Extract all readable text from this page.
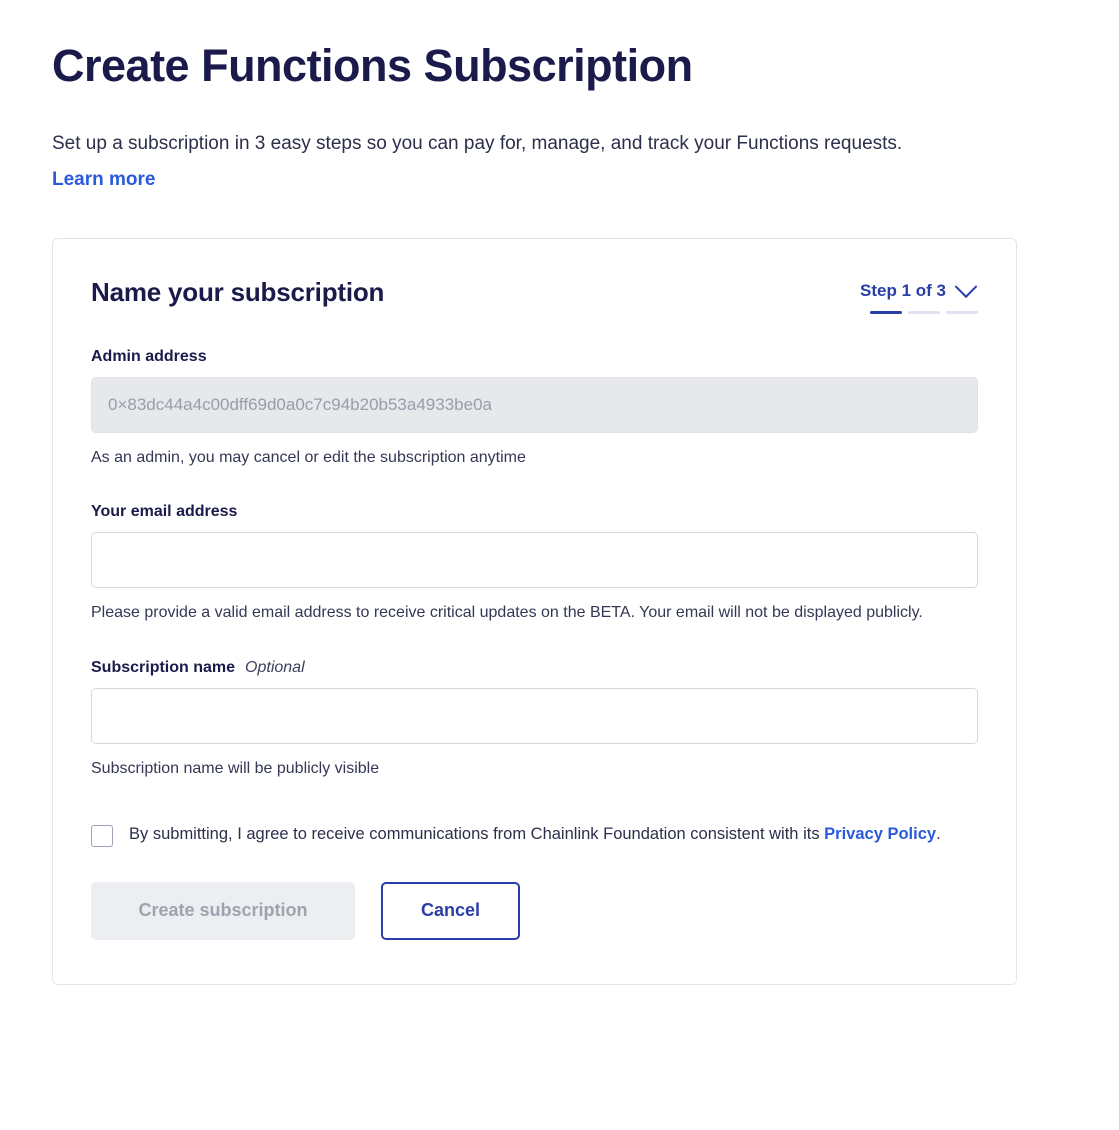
Create Functions Subscription

Set up a subscription in 3 easy steps so you can pay for, manage, and track your Functions requests. Learn more

Name your subscription	Step 1 of 3
Admin address
0×83dc44a4c00dff69d0a0c7c94b20b53a4933be0a

As an admin, you may cancel or edit the subscription anytime

Your email address

Please provide a valid email address to receive critical updates on the BETA. Your email will not be displayed publicly.

Subscription name Optional

Subscription name will be publicly visible

By submitting, I agree to receive communications from Chainlink Foundation consistent with its Privacy Policy.
Create subscription	Cancel
